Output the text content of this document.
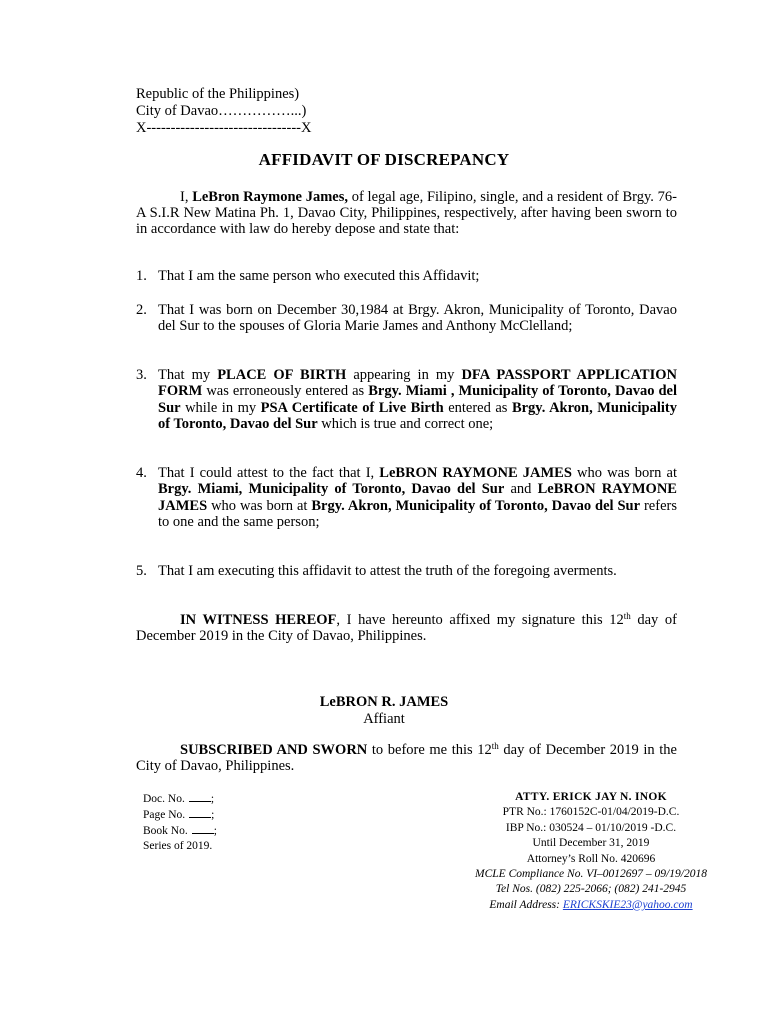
Republic of the Philippines)
City of Davao……………...)
X--------------------------------X
AFFIDAVIT OF DISCREPANCY
I, LeBron Raymone James, of legal age, Filipino, single, and a resident of Brgy. 76-A S.I.R New Matina Ph. 1, Davao City, Philippines, respectively, after having been sworn to in accordance with law do hereby depose and state that:
1. That I am the same person who executed this Affidavit;
2. That I was born on December 30,1984 at Brgy. Akron, Municipality of Toronto, Davao del Sur to the spouses of Gloria Marie James and Anthony McClelland;
3. That my PLACE OF BIRTH appearing in my DFA PASSPORT APPLICATION FORM was erroneously entered as Brgy. Miami , Municipality of Toronto, Davao del Sur while in my PSA Certificate of Live Birth entered as Brgy. Akron, Municipality of Toronto, Davao del Sur which is true and correct one;
4. That I could attest to the fact that I, LeBRON RAYMONE JAMES who was born at Brgy. Miami, Municipality of Toronto, Davao del Sur and LeBRON RAYMONE JAMES who was born at Brgy. Akron, Municipality of Toronto, Davao del Sur refers to one and the same person;
5. That I am executing this affidavit to attest the truth of the foregoing averments.
IN WITNESS HEREOF, I have hereunto affixed my signature this 12th day of December 2019 in the City of Davao, Philippines.
LeBRON R. JAMES
Affiant
SUBSCRIBED AND SWORN to before me this 12th day of December 2019 in the City of Davao, Philippines.
Doc. No. ;
Page No. ;
Book No. ;
Series of 2019.
ATTY. ERICK JAY N. INOK
PTR No.: 1760152C-01/04/2019-D.C.
IBP No.: 030524 – 01/10/2019 -D.C.
Until December 31, 2019
Attorney’s Roll No. 420696
MCLE Compliance No. VI–0012697 – 09/19/2018
Tel Nos. (082) 225-2066; (082) 241-2945
Email Address: ERICKSKIE23@yahoo.com
